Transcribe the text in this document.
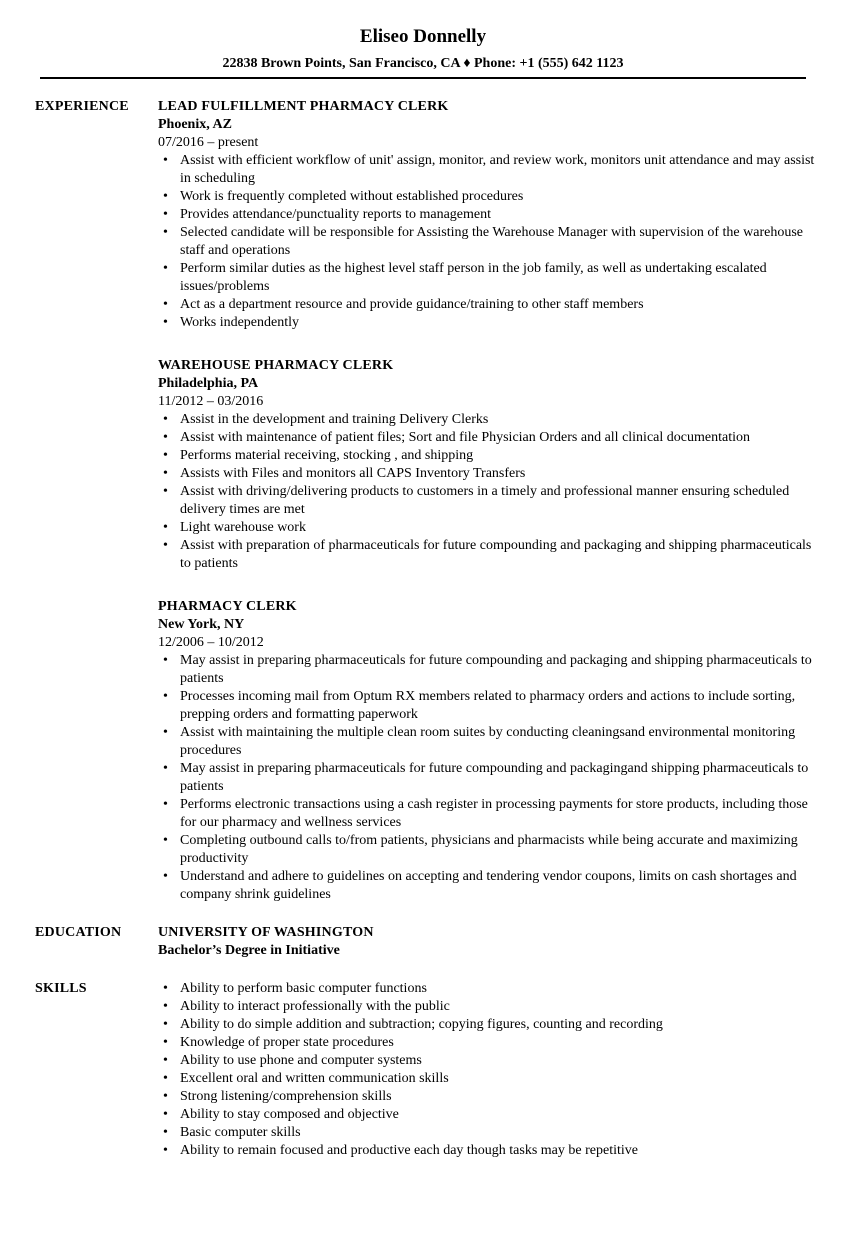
Eliseo Donnelly
22838 Brown Points, San Francisco, CA ♦ Phone: +1 (555) 642 1123
EXPERIENCE LEAD FULFILLMENT PHARMACY CLERK
Phoenix, AZ
07/2016 – present
• Assist with efficient workflow of unit' assign, monitor, and review work, monitors unit attendance and may assist in scheduling
• Work is frequently completed without established procedures
• Provides attendance/punctuality reports to management
• Selected candidate will be responsible for Assisting the Warehouse Manager with supervision of the warehouse staff and operations
• Perform similar duties as the highest level staff person in the job family, as well as undertaking escalated issues/problems
• Act as a department resource and provide guidance/training to other staff members
• Works independently
WAREHOUSE PHARMACY CLERK
Philadelphia, PA
11/2012 – 03/2016
• Assist in the development and training Delivery Clerks
• Assist with maintenance of patient files; Sort and file Physician Orders and all clinical documentation
• Performs material receiving, stocking , and shipping
• Assists with Files and monitors all CAPS Inventory Transfers
• Assist with driving/delivering products to customers in a timely and professional manner ensuring scheduled delivery times are met
• Light warehouse work
• Assist with preparation of pharmaceuticals for future compounding and packaging and shipping pharmaceuticals to patients
PHARMACY CLERK
New York, NY
12/2006 – 10/2012
• May assist in preparing pharmaceuticals for future compounding and packaging and shipping pharmaceuticals to patients
• Processes incoming mail from Optum RX members related to pharmacy orders and actions to include sorting, prepping orders and formatting paperwork
• Assist with maintaining the multiple clean room suites by conducting cleaningsand environmental monitoring procedures
• May assist in preparing pharmaceuticals for future compounding and packagingand shipping pharmaceuticals to patients
• Performs electronic transactions using a cash register in processing payments for store products, including those for our pharmacy and wellness services
• Completing outbound calls to/from patients, physicians and pharmacists while being accurate and maximizing productivity
• Understand and adhere to guidelines on accepting and tendering vendor coupons, limits on cash shortages and company shrink guidelines
EDUCATION	UNIVERSITY OF WASHINGTON
Bachelor’s Degree in Initiative
SKILLS
•	Ability to perform basic computer functions
• Ability to interact professionally with the public
• Ability to do simple addition and subtraction; copying figures, counting and recording
• Knowledge of proper state procedures
• Ability to use phone and computer systems
• Excellent oral and written communication skills
• Strong listening/comprehension skills
• Ability to stay composed and objective
• Basic computer skills
• Ability to remain focused and productive each day though tasks may be repetitive
